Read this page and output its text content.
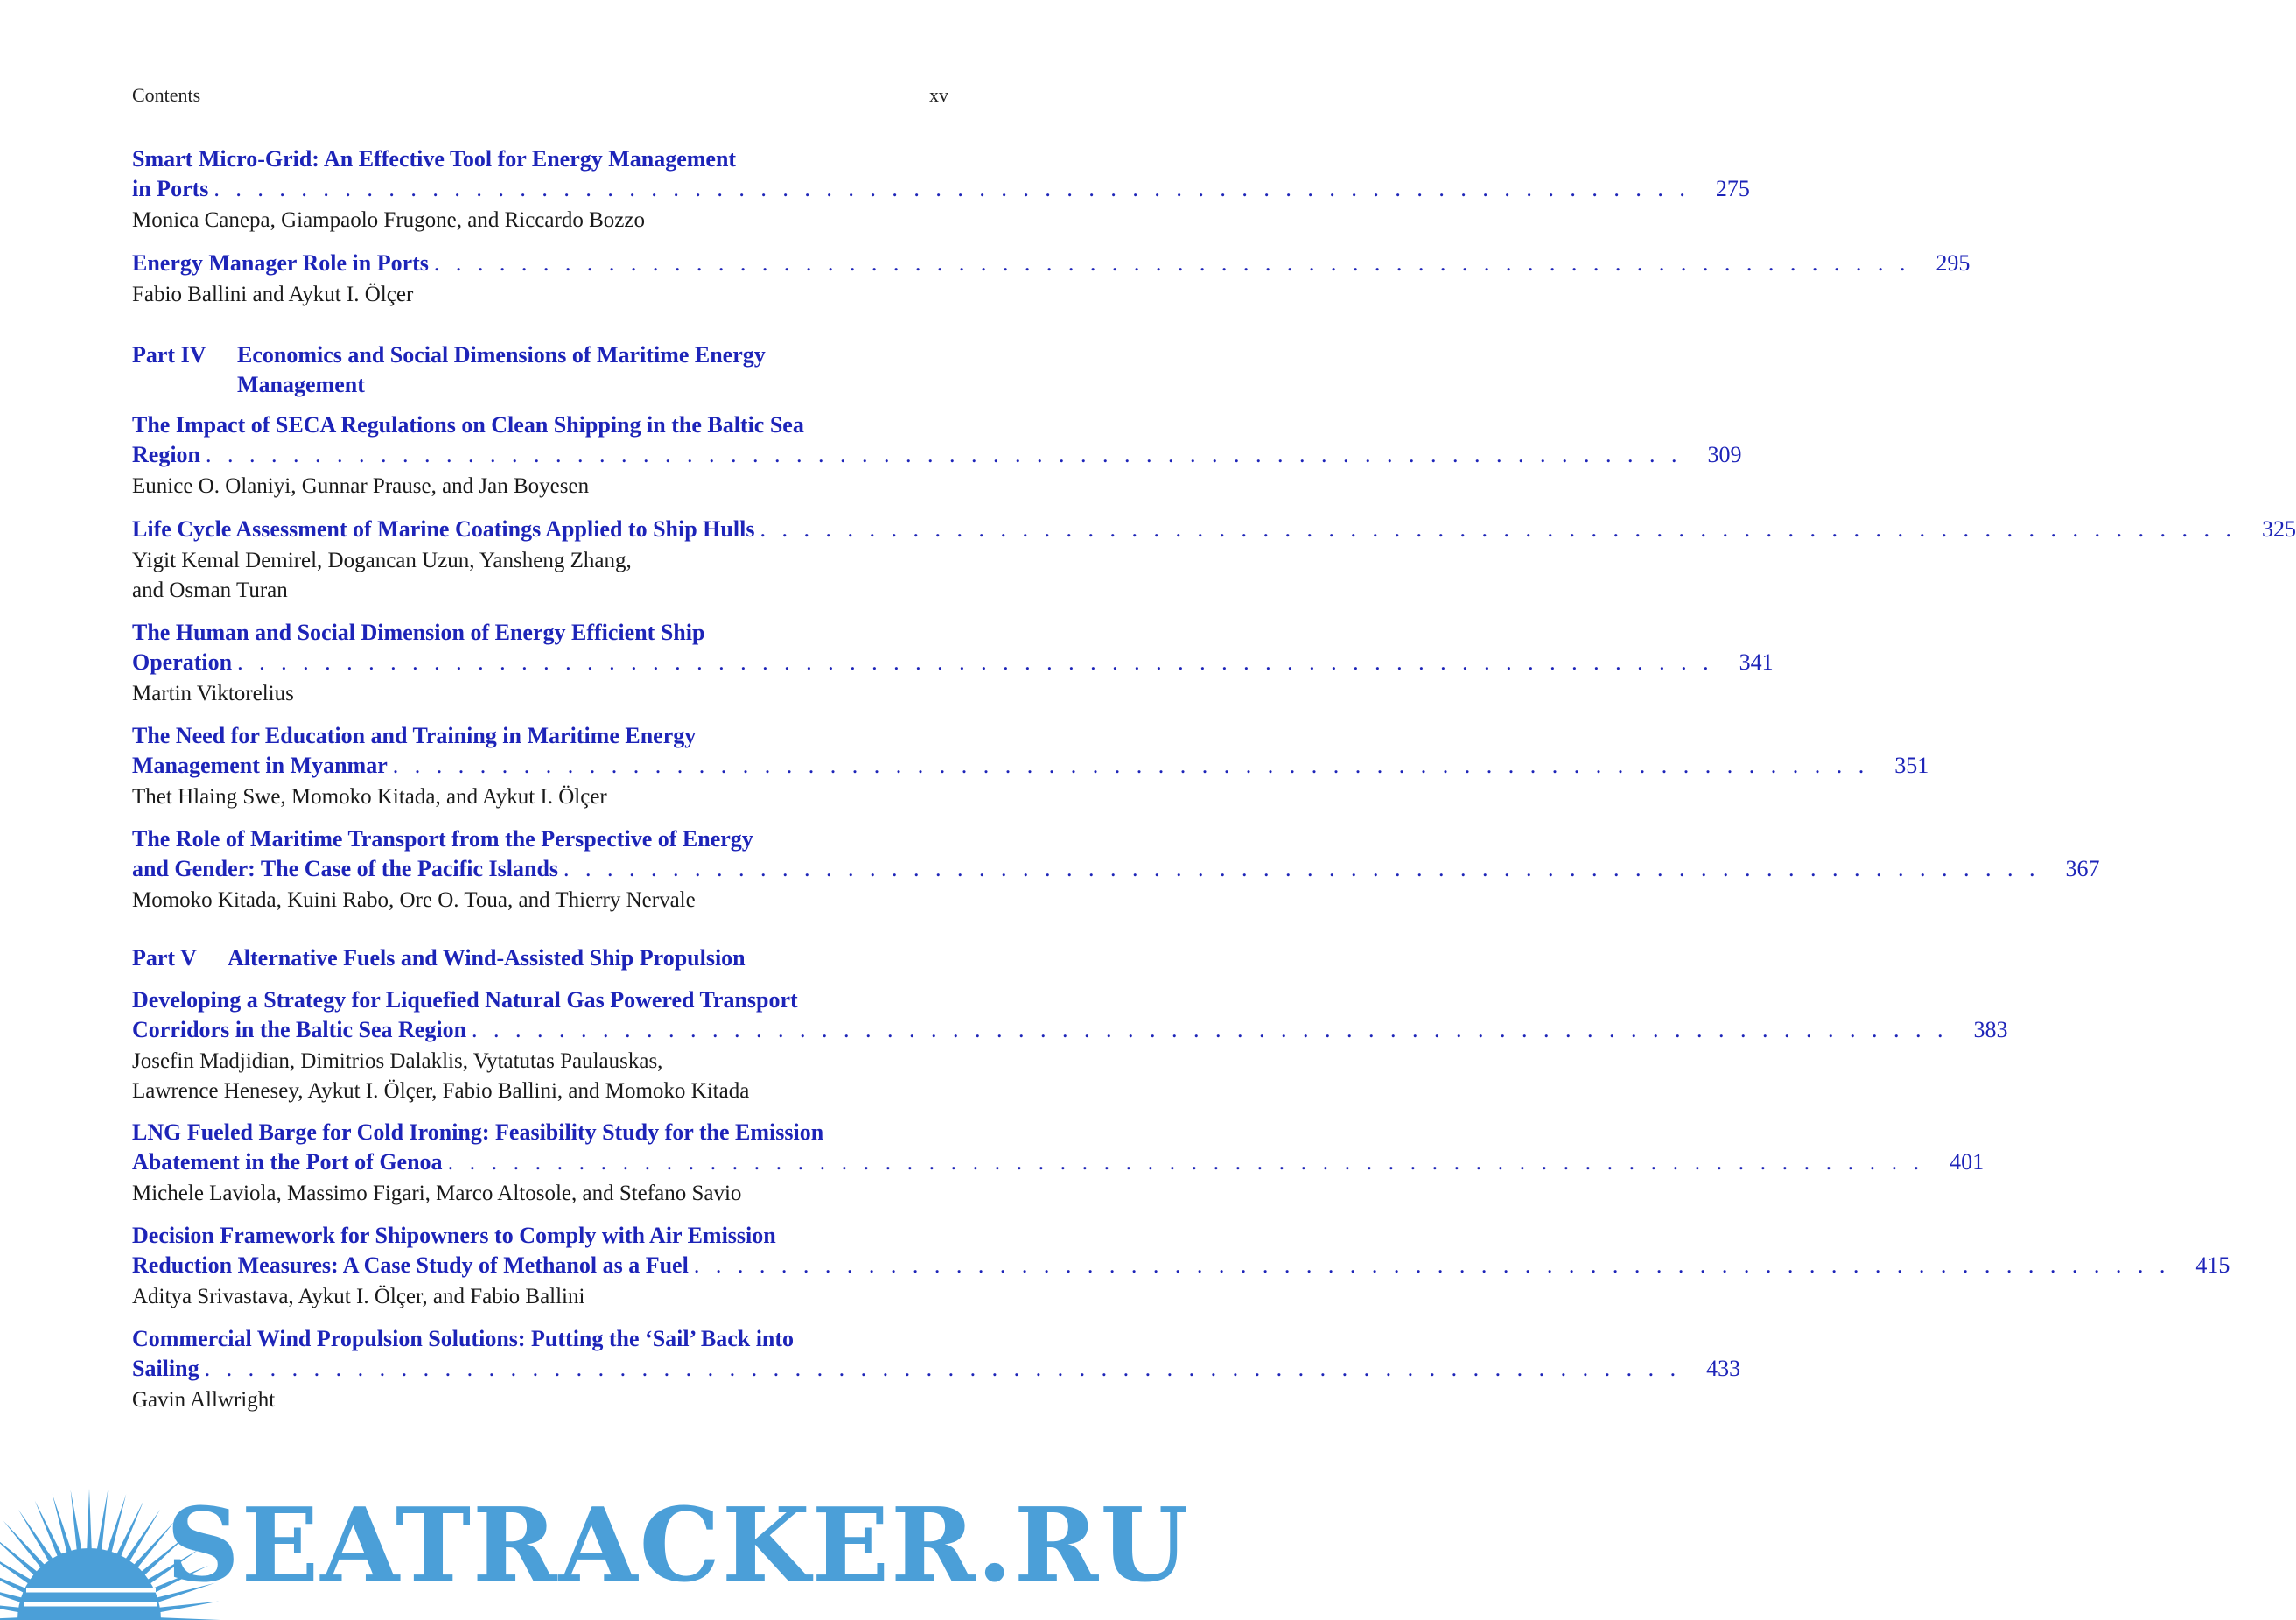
Contents	xv
Smart Micro-Grid: An Effective Tool for Energy Management
in Ports . . . . . . . . . . . . . . . . . . . . . . . . . . . . . . . . . . . . . . . . . . . . . . . . . . . . . . . . . . . . . . . . . . . .	275
Monica Canepa, Giampaolo Frugone, and Riccardo Bozzo
Energy Manager Role in Ports . . . . . . . . . . . . . . . . . . . . . . . . . . . . . . . . . . . . . . . . . . . . . . . . . . . . . . . . . . . . . . . . . . . .	295
Fabio Ballini and Aykut I. Ölçer
Part IV	Economics and Social Dimensions of Maritime Energy
Management
The Impact of SECA Regulations on Clean Shipping in the Baltic Sea
Region . . . . . . . . . . . . . . . . . . . . . . . . . . . . . . . . . . . . . . . . . . . . . . . . . . . . . . . . . . . . . . . . . . . .	309
Eunice O. Olaniyi, Gunnar Prause, and Jan Boyesen
Life Cycle Assessment of Marine Coatings Applied to Ship Hulls . . . . . . . . . . . . . . . . . . . . . . . . . . . . . . . . . . . . . . . . . . . . . . . . . . . . . . . . . . . . . . . . . . . .	325
Yigit Kemal Demirel, Dogancan Uzun, Yansheng Zhang,
and Osman Turan
The Human and Social Dimension of Energy Efficient Ship
Operation . . . . . . . . . . . . . . . . . . . . . . . . . . . . . . . . . . . . . . . . . . . . . . . . . . . . . . . . . . . . . . . . . . . .	341
Martin Viktorelius
The Need for Education and Training in Maritime Energy
Management in Myanmar . . . . . . . . . . . . . . . . . . . . . . . . . . . . . . . . . . . . . . . . . . . . . . . . . . . . . . . . . . . . . . . . . . . .	351
Thet Hlaing Swe, Momoko Kitada, and Aykut I. Ölçer
The Role of Maritime Transport from the Perspective of Energy
and Gender: The Case of the Pacific Islands . . . . . . . . . . . . . . . . . . . . . . . . . . . . . . . . . . . . . . . . . . . . . . . . . . . . . . . . . . . . . . . . . . . .	367
Momoko Kitada, Kuini Rabo, Ore O. Toua, and Thierry Nervale
Part V	Alternative Fuels and Wind-Assisted Ship Propulsion
Developing a Strategy for Liquefied Natural Gas Powered Transport
Corridors in the Baltic Sea Region . . . . . . . . . . . . . . . . . . . . . . . . . . . . . . . . . . . . . . . . . . . . . . . . . . . . . . . . . . . . . . . . . . . .	383
Josefin Madjidian, Dimitrios Dalaklis, Vytatutas Paulauskas,
Lawrence Henesey, Aykut I. Ölçer, Fabio Ballini, and Momoko Kitada
LNG Fueled Barge for Cold Ironing: Feasibility Study for the Emission
Abatement in the Port of Genoa . . . . . . . . . . . . . . . . . . . . . . . . . . . . . . . . . . . . . . . . . . . . . . . . . . . . . . . . . . . . . . . . . . . .	401
Michele Laviola, Massimo Figari, Marco Altosole, and Stefano Savio
Decision Framework for Shipowners to Comply with Air Emission
Reduction Measures: A Case Study of Methanol as a Fuel . . . . . . . . . . . . . . . . . . . . . . . . . . . . . . . . . . . . . . . . . . . . . . . . . . . . . . . . . . . . . . . . . . . .	415
Aditya Srivastava, Aykut I. Ölçer, and Fabio Ballini
Commercial Wind Propulsion Solutions: Putting the ‘Sail’ Back into
Sailing . . . . . . . . . . . . . . . . . . . . . . . . . . . . . . . . . . . . . . . . . . . . . . . . . . . . . . . . . . . . . . . . . . . .	433
Gavin Allwright
SEATRACKER.RU
